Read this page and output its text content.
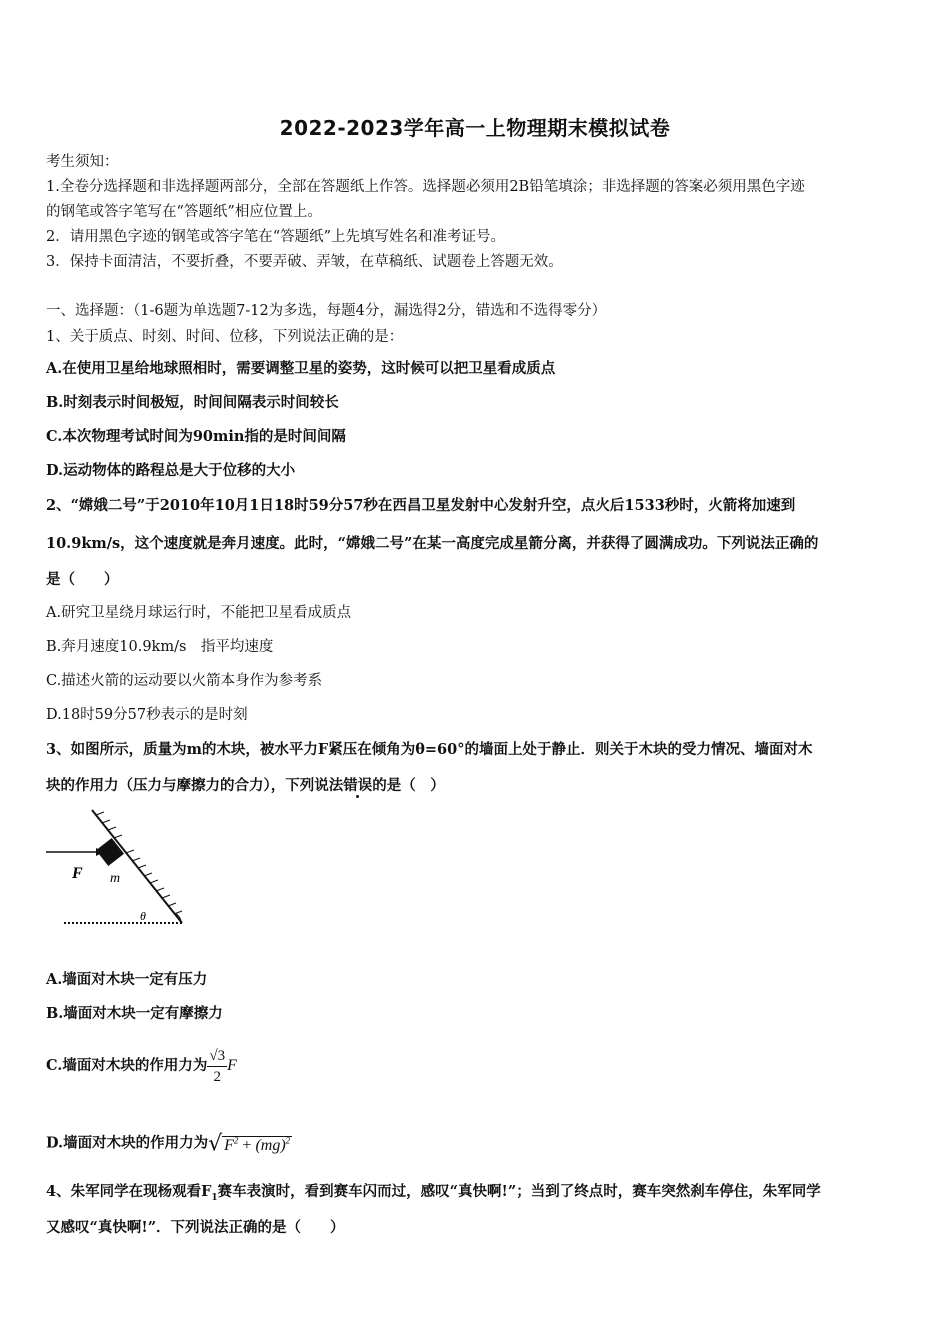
2022-2023学年高一上物理期末模拟试卷
考生须知：
1.全卷分选择题和非选择题两部分，全部在答题纸上作答。选择题必须用2B铅笔填涂；非选择题的答案必须用黑色字迹
的钢笔或答字笔写在“答题纸”相应位置上。
2．请用黑色字迹的钢笔或答字笔在“答题纸”上先填写姓名和准考证号。
3．保持卡面清洁，不要折叠，不要弄破、弄皱，在草稿纸、试题卷上答题无效。
一、选择题：（1-6题为单选题7-12为多选，每题4分，漏选得2分，错选和不选得零分）
1、关于质点、时刻、时间、位移，下列说法正确的是：
A.在使用卫星给地球照相时，需要调整卫星的姿势，这时候可以把卫星看成质点
B.时刻表示时间极短，时间间隔表示时间较长
C.本次物理考试时间为90min指的是时间间隔
D.运动物体的路程总是大于位移的大小
2、“嫦娥二号”于2010年10月1日18时59分57秒在西昌卫星发射中心发射升空，点火后1533秒时，火箭将加速到
10.9km/s，这个速度就是奔月速度。此时，“嫦娥二号”在某一高度完成星箭分离，并获得了圆满成功。下列说法正确的
是（　　）
A.研究卫星绕月球运行时，不能把卫星看成质点
B.奔月速度10.9km/s　指平均速度
C.描述火箭的运动要以火箭本身作为参考系
D.18时59分57秒表示的是时刻
3、如图所示，质量为m的木块，被水平力F紧压在倾角为θ=60°的墙面上处于静止．则关于木块的受力情况、墙面对木
块的作用力（压力与摩擦力的合力），下列说法错误的是（　）
F m
θ
A.墙面对木块一定有压力
B.墙面对木块一定有摩擦力
C.墙面对木块的作用力为 $\frac{√3}{2}$ F
D.墙面对木块的作用力为√ $F^2 + (mg)^2$
4、朱军同学在现杨观看$F_1$赛车表演时，看到赛车闪而过，感叹“真快啊!”；当到了终点时，赛车突然刹车停住，朱军同学
又感叹“真快啊!”．下列说法正确的是（　　）
